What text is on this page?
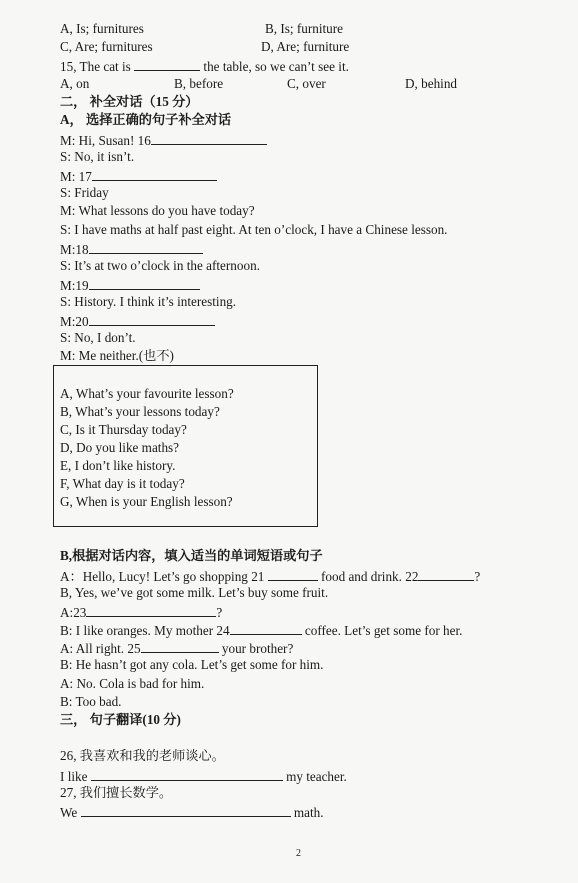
A, Is; furnitures	B, Is; furniture
C, Are; furnitures	D, Are; furniture
15, The cat is	the table, so we can’t see it.
A, on	B, before	C, over	D, behind
二， 补全对话（15 分）
A， 选择正确的句子补全对话
M: Hi, Susan! 16
S: No, it isn’t.
M: 17
S: Friday
M: What lessons do you have today?
S: I have maths at half past eight. At ten o’clock, I have a Chinese lesson.
M:18
S: It’s at two o’clock in the afternoon.
M:19
S: History. I think it’s interesting.
M:20
S: No, I don’t.
M: Me neither.(也不)
A, What’s your favourite lesson?
B, What’s your lessons today?
C, Is it Thursday today?
D, Do you like maths?
E, I don’t like history.
F, What day is it today?
G, When is your English lesson?
B,根据对话内容，填入适当的单词短语或句子
A：Hello, Lucy! Let’s go shopping 21	food and drink. 22	?
B, Yes, we’ve got some milk. Let’s buy some fruit.
A:23	?
B: I like oranges. My mother 24	coffee. Let’s get some for her.
A: All right. 25	your brother?
B: He hasn’t got any cola. Let’s get some for him.
A: No. Cola is bad for him.
B: Too bad.
三， 句子翻译(10 分)
26, 我喜欢和我的老师谈心。
I like	my teacher.
27, 我们擅长数学。
We	math.
2
